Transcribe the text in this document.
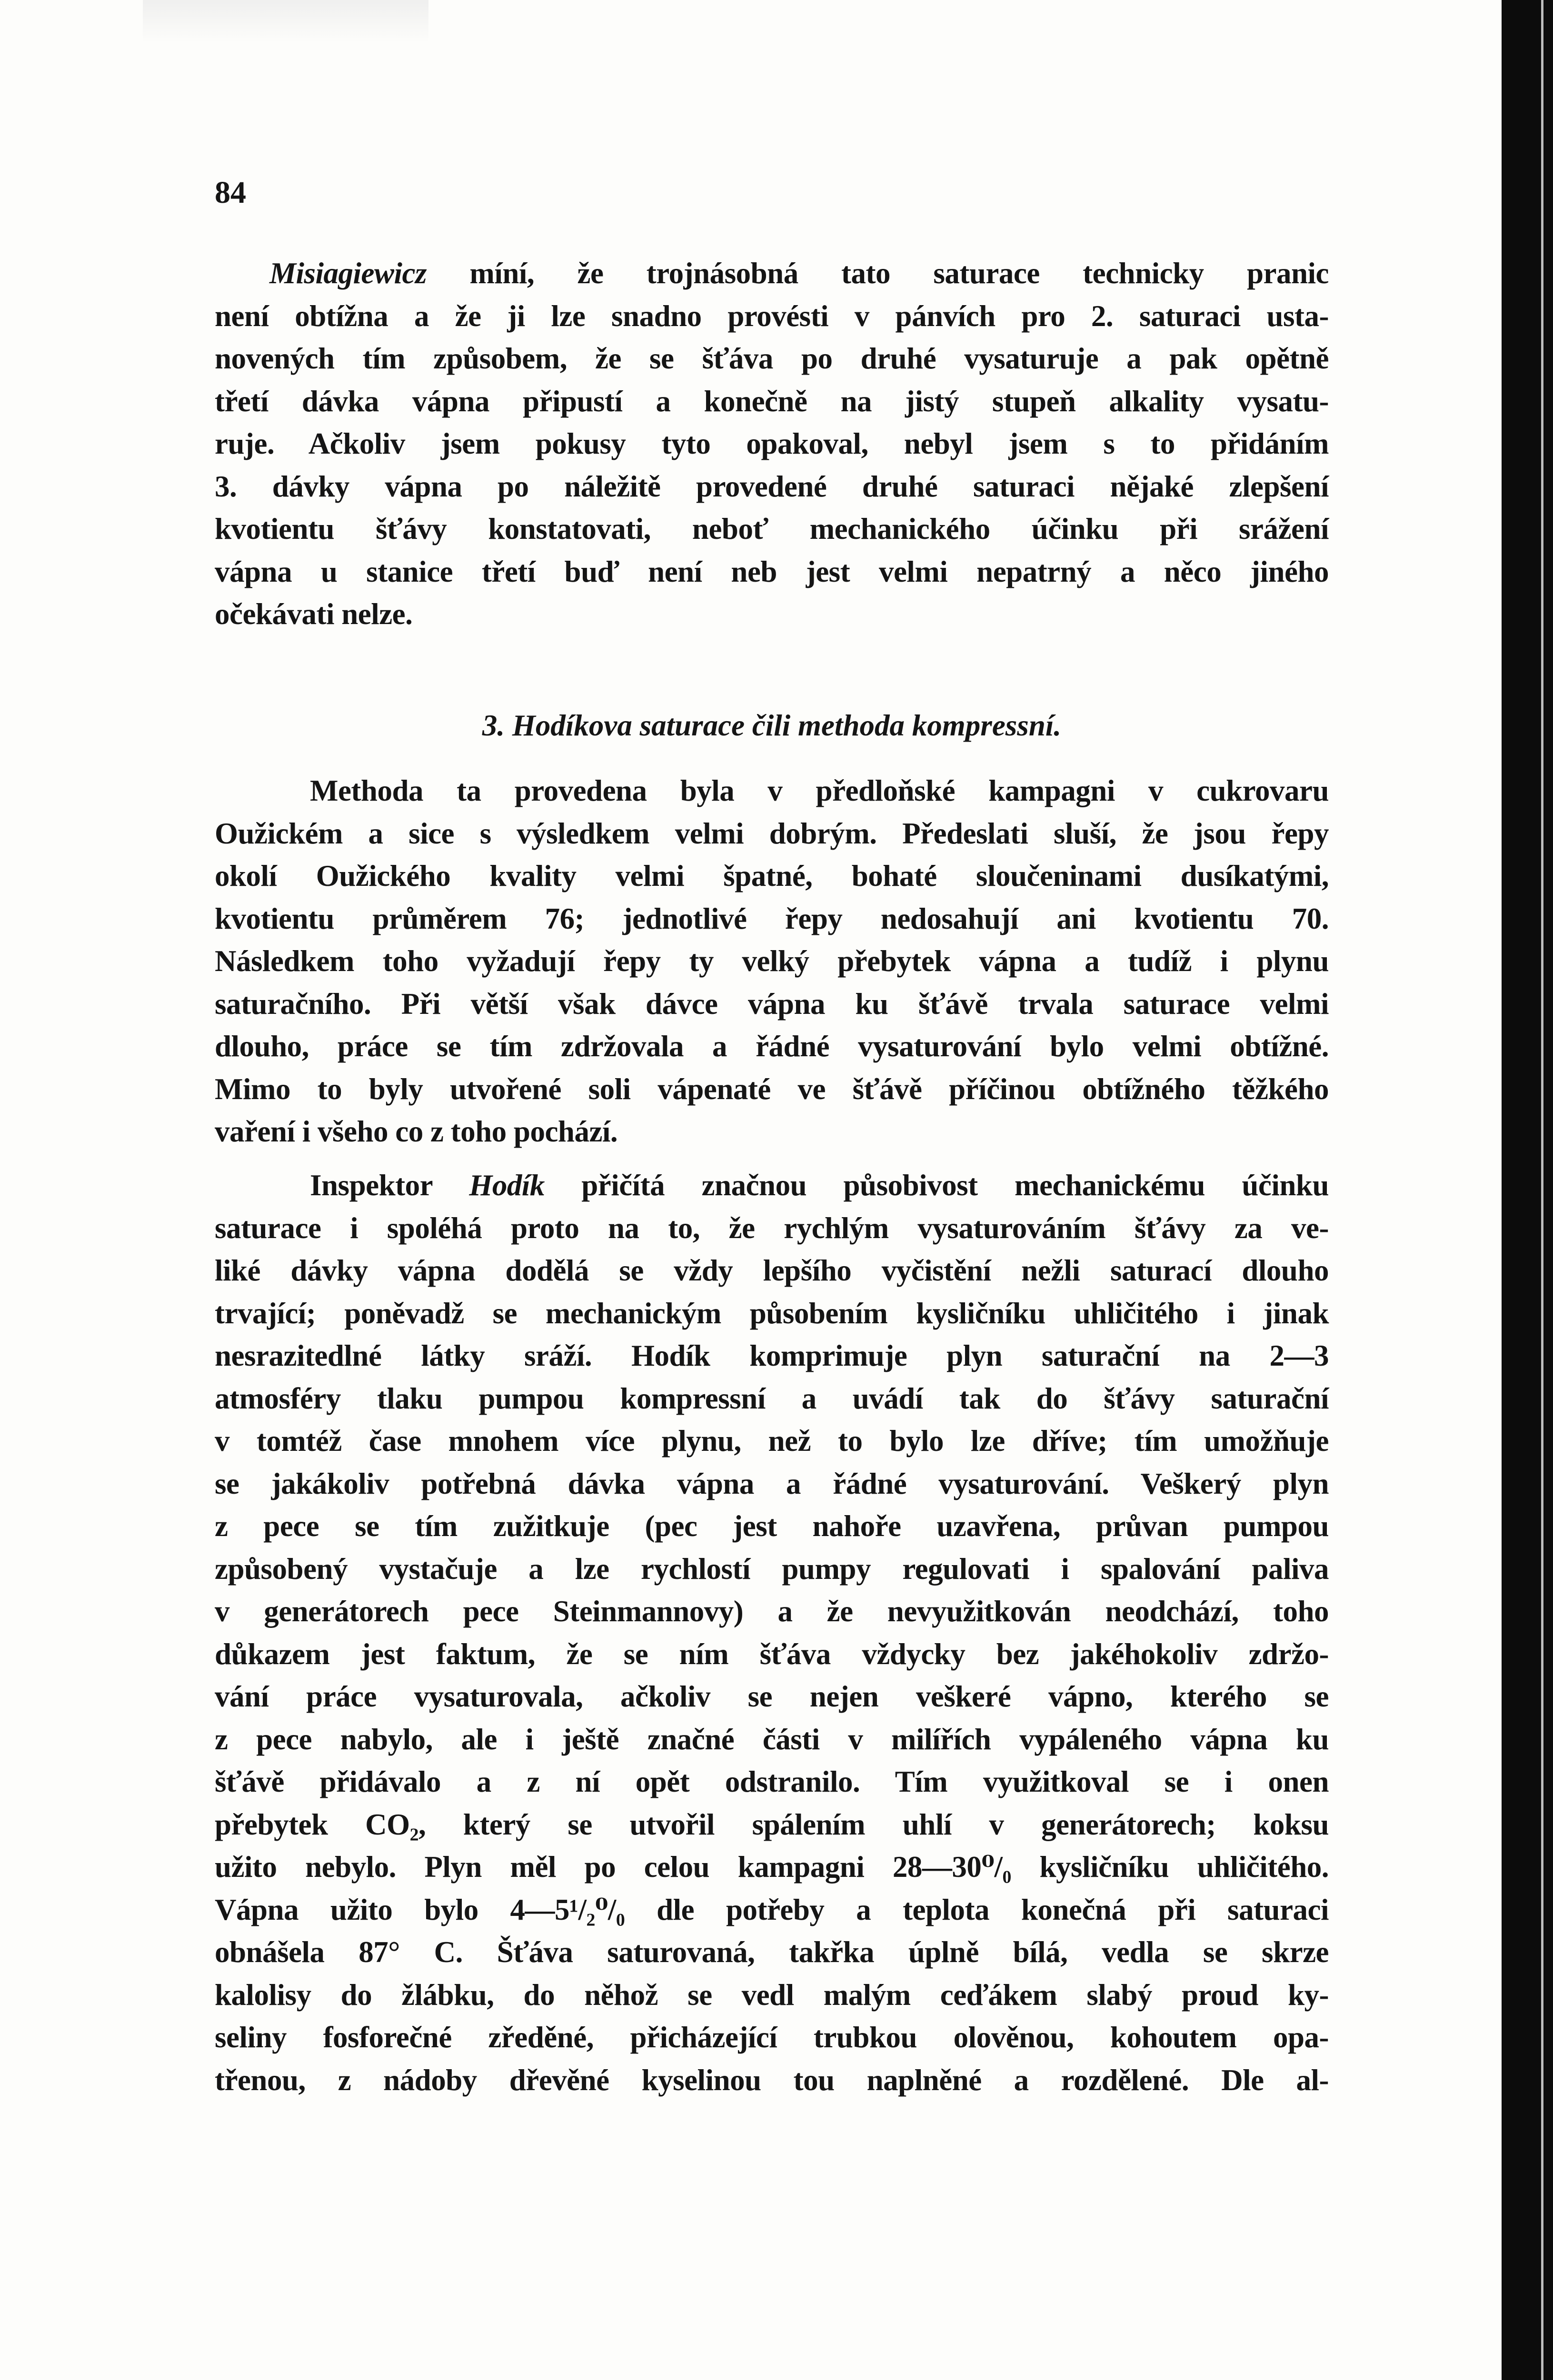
84
Misiagiewicz míní, že trojnásobná tato saturace technicky pranic
není obtížna a že ji lze snadno provésti v pánvích pro 2. saturaci usta-
novených tím způsobem, že se šťáva po druhé vysaturuje a pak opětně
třetí dávka vápna připustí a konečně na jistý stupeň alkality vysatu-
ruje. Ačkoliv jsem pokusy tyto opakoval, nebyl jsem s to přidáním
3. dávky vápna po náležitě provedené druhé saturaci nějaké zlepšení
kvotientu šťávy konstatovati, neboť mechanického účinku při srážení
vápna u stanice třetí buď není neb jest velmi nepatrný a něco jiného
očekávati nelze.
3. Hodíkova saturace čili methoda kompressní.
Methoda ta provedena byla v předloňské kampagni v cukrovaru
Oužickém a sice s výsledkem velmi dobrým. Předeslati sluší, že jsou řepy
okolí Oužického kvality velmi špatné, bohaté sloučeninami dusíkatými,
kvotientu průměrem 76; jednotlivé řepy nedosahují ani kvotientu 70.
Následkem toho vyžadují řepy ty velký přebytek vápna a tudíž i plynu
saturačního. Při větší však dávce vápna ku šťávě trvala saturace velmi
dlouho, práce se tím zdržovala a řádné vysaturování bylo velmi obtížné.
Mimo to byly utvořené soli vápenaté ve šťávě příčinou obtížného těžkého
vaření i všeho co z toho pochází.
Inspektor Hodík přičítá značnou působivost mechanickému účinku
saturace i spoléhá proto na to, že rychlým vysaturováním šťávy za ve-
liké dávky vápna dodělá se vždy lepšího vyčistění nežli saturací dlouho
trvající; poněvadž se mechanickým působením kysličníku uhličitého i jinak
nesrazitedlné látky sráží. Hodík komprimuje plyn saturační na 2—3
atmosféry tlaku pumpou kompressní a uvádí tak do šťávy saturační
v tomtéž čase mnohem více plynu, než to bylo lze dříve; tím umožňuje
se jakákoliv potřebná dávka vápna a řádné vysaturování. Veškerý plyn
z pece se tím zužitkuje (pec jest nahoře uzavřena, průvan pumpou
způsobený vystačuje a lze rychlostí pumpy regulovati i spalování paliva
v generátorech pece Steinmannovy) a že nevyužitkován neodchází, toho
důkazem jest faktum, že se ním šťáva vždycky bez jakéhokoliv zdržo-
vání práce vysaturovala, ačkoliv se nejen veškeré vápno, kterého se
z pece nabylo, ale i ještě značné části v milířích vypáleného vápna ku
šťávě přidávalo a z ní opět odstranilo. Tím využitkoval se i onen
přebytek CO₂, který se utvořil spálením uhlí v generátorech; koksu
užito nebylo. Plyn měl po celou kampagni 28—30⁰/₀ kysličníku uhličitého.
Vápna užito bylo 4—5¹/₂⁰/₀ dle potřeby a teplota konečná při saturaci
obnášela 87° C. Šťáva saturovaná, takřka úplně bílá, vedla se skrze
kalolisy do žlábku, do něhož se vedl malým ceďákem slabý proud ky-
seliny fosforečné zředěné, přicházející trubkou olověnou, kohoutem opa-
třenou, z nádoby dřevěné kyselinou tou naplněné a rozdělené. Dle al-
